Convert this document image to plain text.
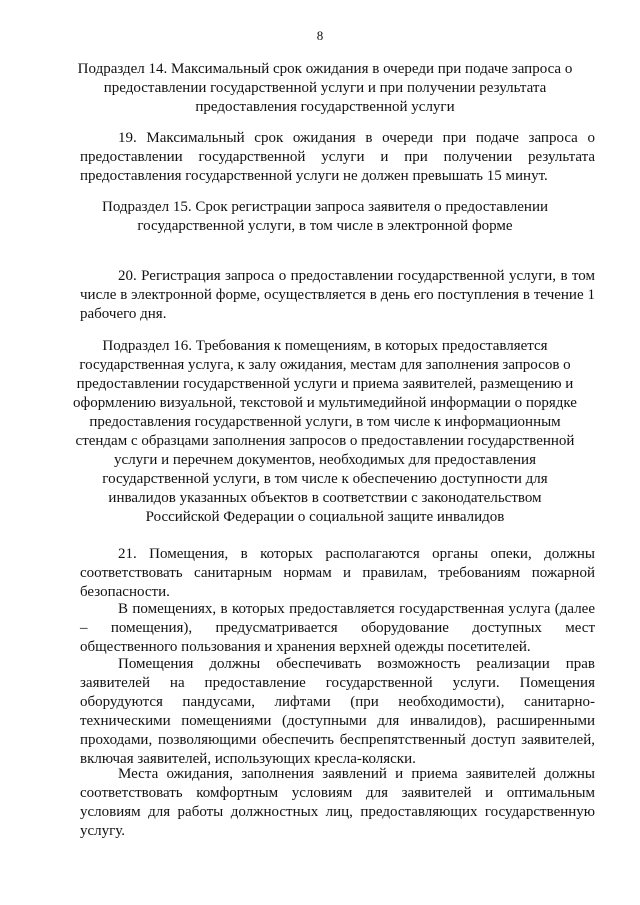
8
Подраздел 14. Максимальный срок ожидания в очереди при подаче запроса о предоставлении государственной услуги и при получении результата предоставления государственной услуги
19. Максимальный срок ожидания в очереди при подаче запроса о предоставлении государственной услуги и при получении результата предоставления государственной услуги не должен превышать 15 минут.
Подраздел 15. Срок регистрации запроса заявителя о предоставлении государственной услуги, в том числе в электронной форме
20. Регистрация запроса о предоставлении государственной услуги, в том числе в электронной форме, осуществляется в день его поступления в течение 1 рабочего дня.
Подраздел 16. Требования к помещениям, в которых предоставляется государственная услуга, к залу ожидания, местам для заполнения запросов о предоставлении государственной услуги и приема заявителей, размещению и оформлению визуальной, текстовой и мультимедийной информации о порядке предоставления государственной услуги, в том числе к информационным стендам с образцами заполнения запросов о предоставлении государственной услуги и перечнем документов, необходимых для предоставления государственной услуги, в том числе к обеспечению доступности для инвалидов указанных объектов в соответствии с законодательством Российской Федерации о социальной защите инвалидов
21. Помещения, в которых располагаются органы опеки, должны соответствовать санитарным нормам и правилам, требованиям пожарной безопасности.
В помещениях, в которых предоставляется государственная услуга (далее – помещения), предусматривается оборудование доступных мест общественного пользования и хранения верхней одежды посетителей.
Помещения должны обеспечивать возможность реализации прав заявителей на предоставление государственной услуги. Помещения оборудуются пандусами, лифтами (при необходимости), санитарно-техническими помещениями (доступными для инвалидов), расширенными проходами, позволяющими обеспечить беспрепятственный доступ заявителей, включая заявителей, использующих кресла-коляски.
Места ожидания, заполнения заявлений и приема заявителей должны соответствовать комфортным условиям для заявителей и оптимальным условиям для работы должностных лиц, предоставляющих государственную услугу.
